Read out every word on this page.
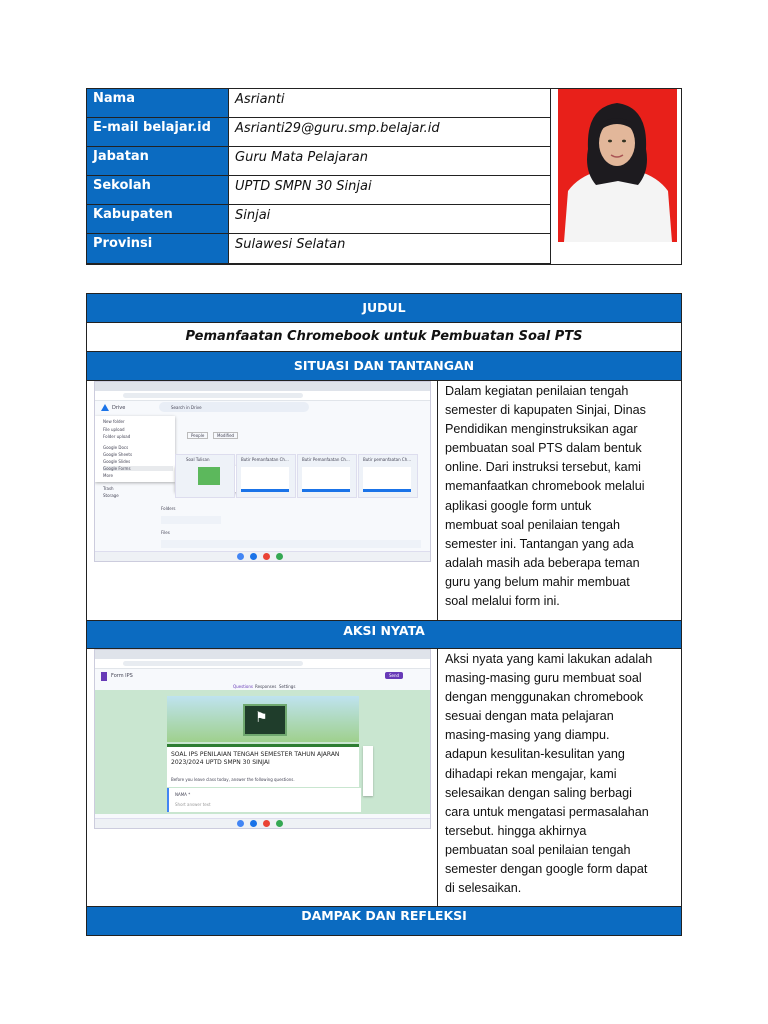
Nama	Asrianti
E-mail belajar.id	Asrianti29@guru.smp.belajar.id
Jabatan	Guru Mata Pelajaran
Sekolah	UPTD SMPN 30 Sinjai
Kabupaten	Sinjai
Provinsi	Sulawesi Selatan
JUDUL
Pemanfaatan Chromebook untuk Pembuatan Soal PTS
SITUASI DAN TANTANGAN
Drive	Search in Drive
New folder
File upload
Folder upload
Google Docs
Google Sheets
Google Slides
Google Forms
More
Trash
Storage
People	Modified
Soal Tulisan	Butir Pemanfaatan Ch...	Butir Pemanfaatan Ch...	Butir pemanfaatan Ch...
Folders
Files
Dalam kegiatan penilaian tengah
semester di kapupaten Sinjai, Dinas
Pendidikan menginstruksikan agar
pembuatan soal PTS dalam bentuk
online. Dari instruksi tersebut, kami
memanfaatkan chromebook melalui
aplikasi google form untuk
membuat soal penilaian tengah
semester ini. Tantangan yang ada
adalah masih ada beberapa teman
guru yang belum mahir membuat
soal melalui form ini.
AKSI NYATA
Form IPS	Send
Questions Responses Settings
⚑
SOAL IPS PENILAIAN TENGAH SEMESTER TAHUN AJARAN 2023/2024 UPTD SMPN 30 SINJAI
Before you leave class today, answer the following questions.
NAMA *
Short answer text
Aksi nyata yang kami lakukan adalah
masing-masing guru membuat soal
dengan menggunakan chromebook
sesuai dengan mata pelajaran
masing-masing yang diampu.
adapun kesulitan-kesulitan yang
dihadapi rekan mengajar, kami
selesaikan dengan saling berbagi
cara untuk mengatasi permasalahan
tersebut. hingga akhirnya
pembuatan soal penilaian tengah
semester dengan google form dapat
di selesaikan.
DAMPAK DAN REFLEKSI
